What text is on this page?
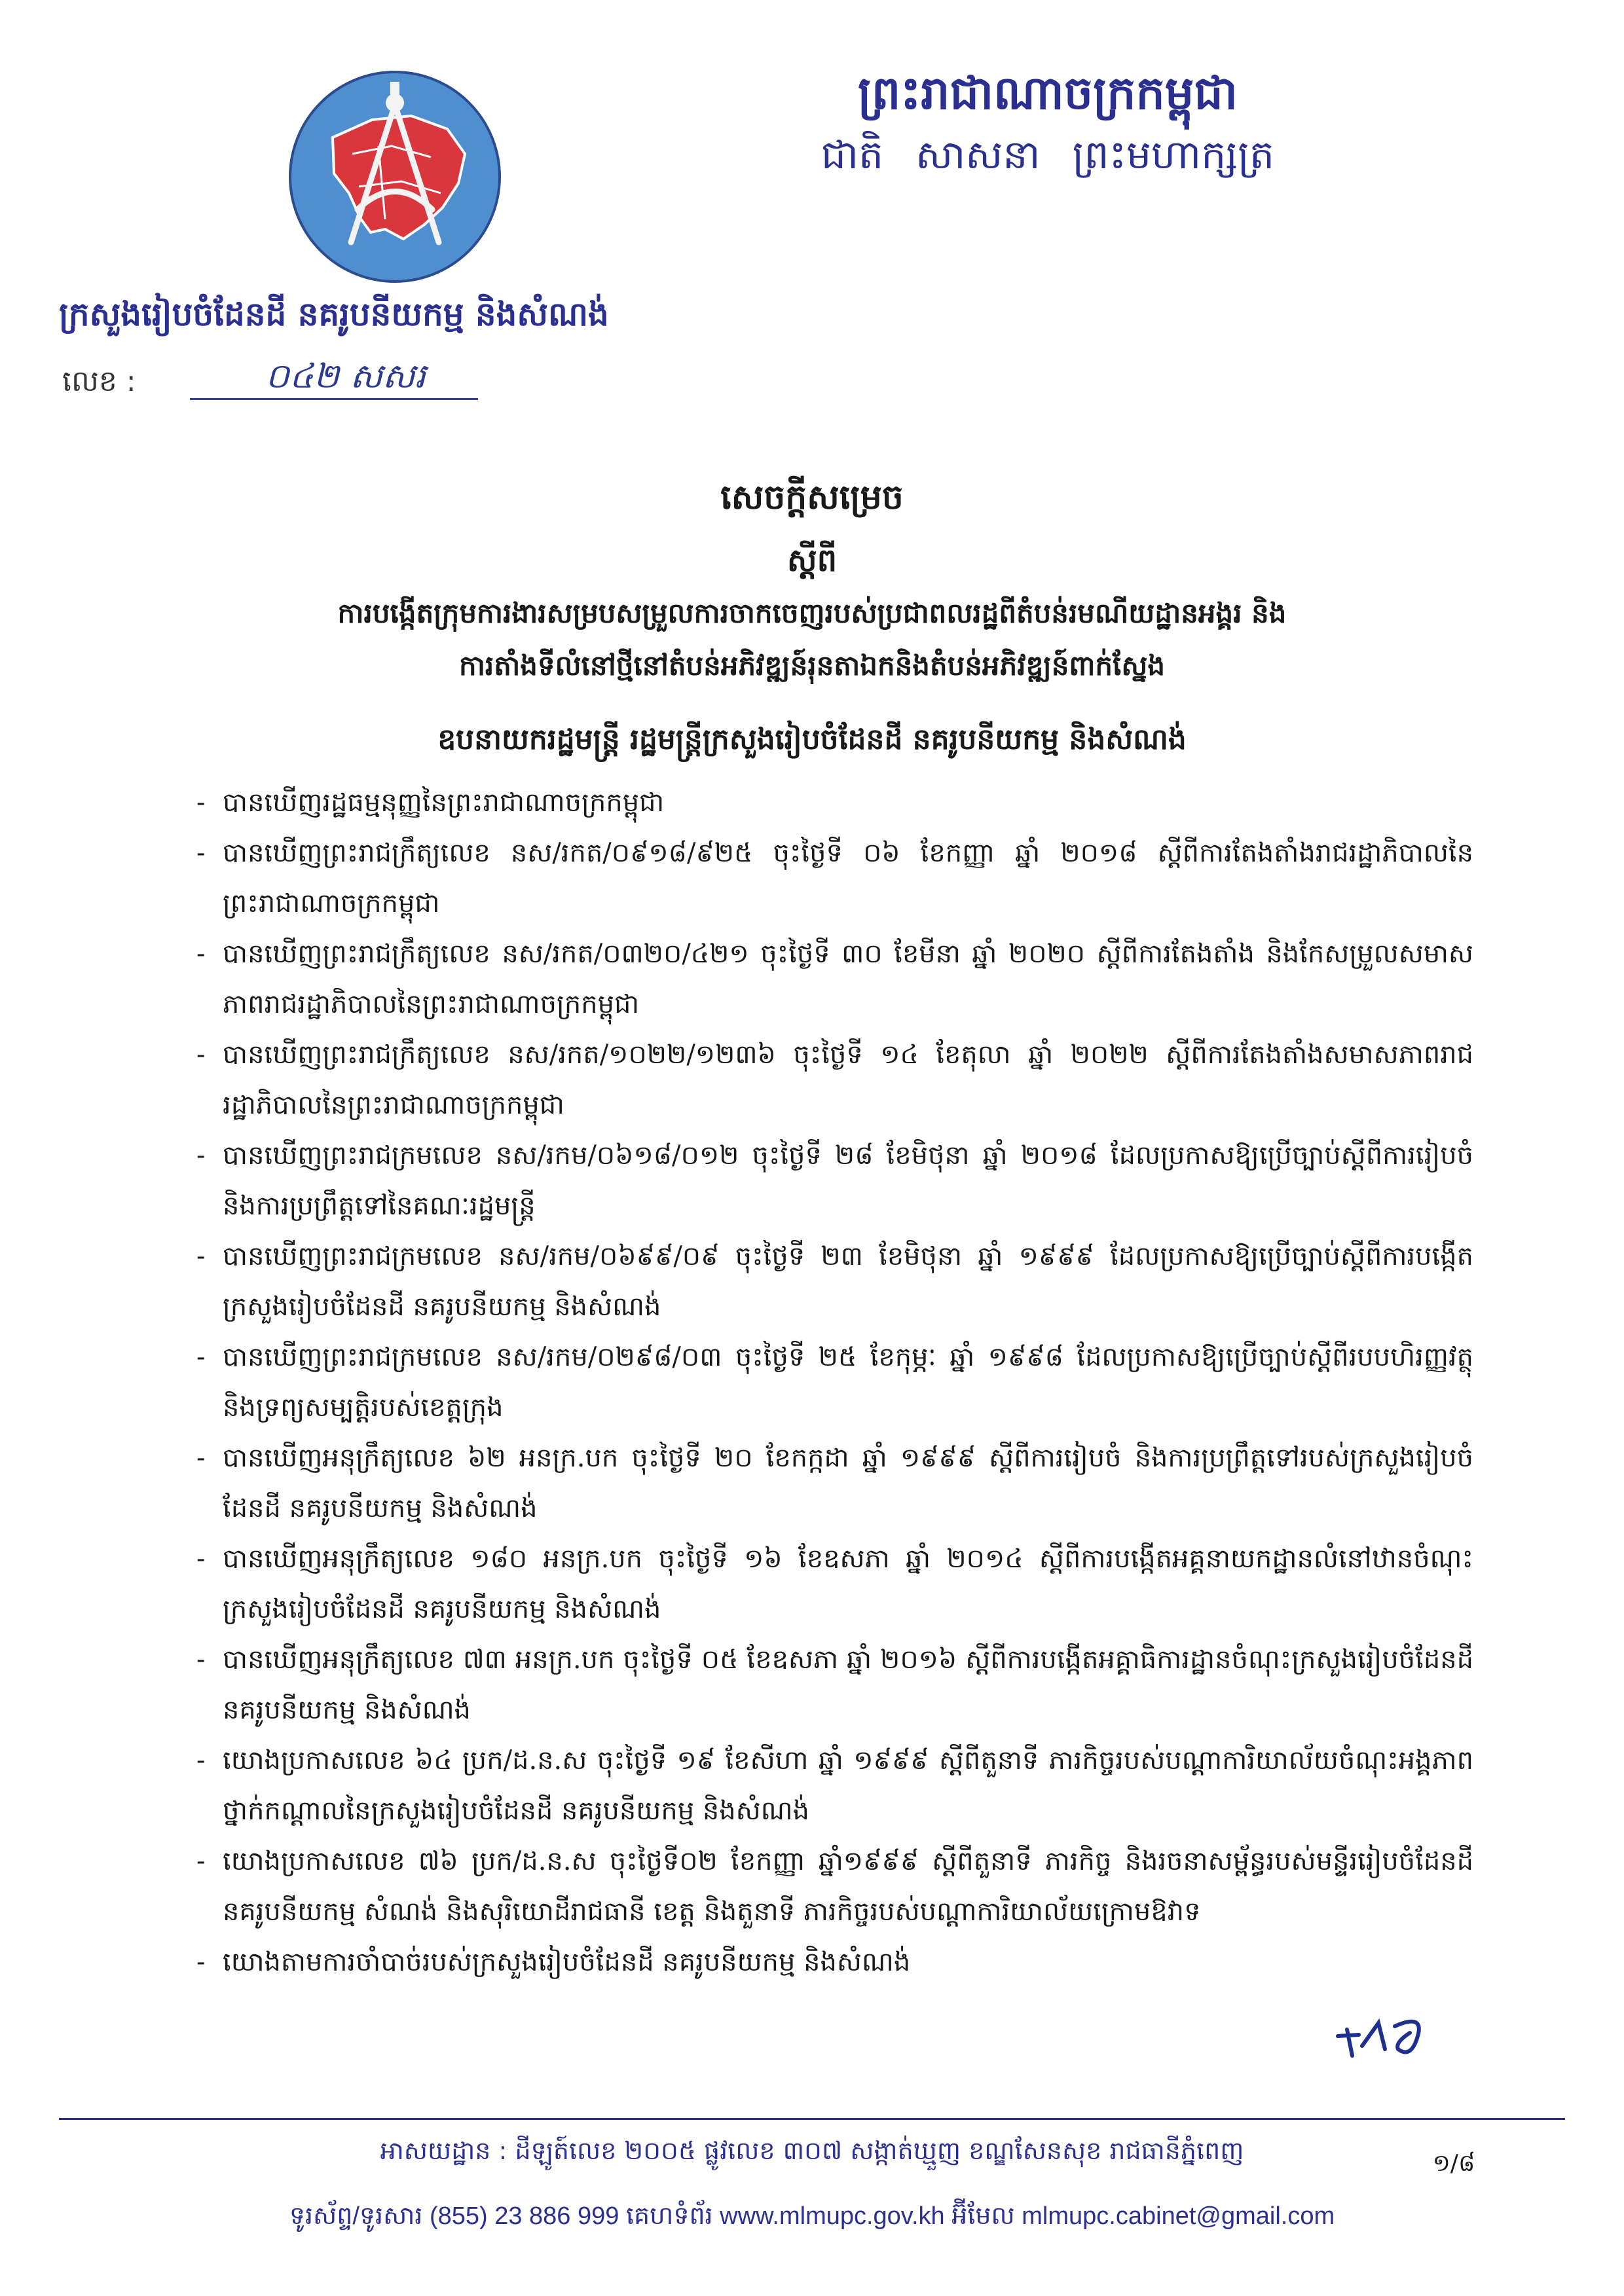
ព្រះរាជាណាចក្រកម្ពុជា
ជាតិ សាសនា ព្រះមហាក្សត្រ
ក្រសួងរៀបចំដែនដី នគរូបនីយកម្ម និងសំណង់
លេខ :	០៤២ សសរ
សេចក្ដីសម្រេច
ស្ដីពី
ការបង្កើតក្រុមការងារសម្របសម្រួលការចាកចេញរបស់ប្រជាពលរដ្ឋពីតំបន់រមណីយដ្ឋានអង្គរ និង
ការតាំងទីលំនៅថ្មីនៅតំបន់អភិវឌ្ឍន៍រុនតាឯកនិងតំបន់អភិវឌ្ឍន៍ពាក់ស្នែង
ឧបនាយករដ្ឋមន្ត្រី រដ្ឋមន្ត្រីក្រសួងរៀបចំដែនដី នគរូបនីយកម្ម និងសំណង់
- បានឃើញរដ្ឋធម្មនុញ្ញនៃព្រះរាជាណាចក្រកម្ពុជា
- បានឃើញព្រះរាជក្រឹត្យលេខ នស/រកត/០៩១៨/៩២៥ ចុះថ្ងៃទី ០៦ ខែកញ្ញា ឆ្នាំ ២០១៨ ស្ដីពីការតែងតាំងរាជរដ្ឋាភិបាលនៃព្រះរាជាណាចក្រកម្ពុជា
- បានឃើញព្រះរាជក្រឹត្យលេខ នស/រកត/០៣២០/៤២១ ចុះថ្ងៃទី ៣០ ខែមីនា ឆ្នាំ ២០២០ ស្ដីពីការតែងតាំង និងកែសម្រួលសមាសភាពរាជរដ្ឋាភិបាលនៃព្រះរាជាណាចក្រកម្ពុជា
- បានឃើញព្រះរាជក្រឹត្យលេខ នស/រកត/១០២២/១២៣៦ ចុះថ្ងៃទី ១៤ ខែតុលា ឆ្នាំ ២០២២ ស្ដីពីការតែងតាំងសមាសភាពរាជរដ្ឋាភិបាលនៃព្រះរាជាណាចក្រកម្ពុជា
- បានឃើញព្រះរាជក្រមលេខ នស/រកម/០៦១៨/០១២ ចុះថ្ងៃទី ២៨ ខែមិថុនា ឆ្នាំ ២០១៨ ដែលប្រកាសឱ្យប្រើច្បាប់ស្ដីពីការរៀបចំ និងការប្រព្រឹត្តទៅនៃគណៈរដ្ឋមន្ត្រី
- បានឃើញព្រះរាជក្រមលេខ នស/រកម/០៦៩៩/០៩ ចុះថ្ងៃទី ២៣ ខែមិថុនា ឆ្នាំ ១៩៩៩ ដែលប្រកាសឱ្យប្រើច្បាប់ស្ដីពីការបង្កើតក្រសួងរៀបចំដែនដី នគរូបនីយកម្ម និងសំណង់
- បានឃើញព្រះរាជក្រមលេខ នស/រកម/០២៩៨/០៣ ចុះថ្ងៃទី ២៥ ខែកុម្ភៈ ឆ្នាំ ១៩៩៨ ដែលប្រកាសឱ្យប្រើច្បាប់ស្ដីពីរបបហិរញ្ញវត្ថុ និងទ្រព្យសម្បត្តិរបស់ខេត្តក្រុង
- បានឃើញអនុក្រឹត្យលេខ ៦២ អនក្រ.បក ចុះថ្ងៃទី ២០ ខែកក្កដា ឆ្នាំ ១៩៩៩ ស្ដីពីការរៀបចំ និងការប្រព្រឹត្តទៅរបស់ក្រសួងរៀបចំដែនដី នគរូបនីយកម្ម និងសំណង់
- បានឃើញអនុក្រឹត្យលេខ ១៨០ អនក្រ.បក ចុះថ្ងៃទី ១៦ ខែឧសភា ឆ្នាំ ២០១៤ ស្ដីពីការបង្កើតអគ្គនាយកដ្ឋានលំនៅឋានចំណុះក្រសួងរៀបចំដែនដី នគរូបនីយកម្ម និងសំណង់
- បានឃើញអនុក្រឹត្យលេខ ៧៣ អនក្រ.បក ចុះថ្ងៃទី ០៥ ខែឧសភា ឆ្នាំ ២០១៦ ស្ដីពីការបង្កើតអគ្គាធិការដ្ឋានចំណុះក្រសួងរៀបចំដែនដី នគរូបនីយកម្ម និងសំណង់
- យោងប្រកាសលេខ ៦៤ ប្រក/ដ.ន.ស ចុះថ្ងៃទី ១៩ ខែសីហា ឆ្នាំ ១៩៩៩ ស្ដីពីតួនាទី ភារកិច្ចរបស់បណ្ដាការិយាល័យចំណុះអង្គភាពថ្នាក់កណ្ដាលនៃក្រសួងរៀបចំដែនដី នគរូបនីយកម្ម និងសំណង់
- យោងប្រកាសលេខ ៧៦ ប្រក/ដ.ន.ស ចុះថ្ងៃទី០២ ខែកញ្ញា ឆ្នាំ១៩៩៩ ស្ដីពីតួនាទី ភារកិច្ច និងរចនាសម្ព័ន្ធរបស់មន្ទីររៀបចំដែនដី នគរូបនីយកម្ម សំណង់ និងសុរិយោដីរាជធានី ខេត្ត និងតួនាទី ភារកិច្ចរបស់បណ្ដាការិយាល័យក្រោមឱវាទ
- យោងតាមការចាំបាច់របស់ក្រសួងរៀបចំដែនដី នគរូបនីយកម្ម និងសំណង់
អាសយដ្ឋាន : ដីឡូត៍លេខ ២០០៥ ផ្លូវលេខ ៣០៧ សង្កាត់ឃ្មួញ ខណ្ឌសែនសុខ រាជធានីភ្នំពេញ	១/៨
ទូរស័ព្ទ/ទូរសារ (855) 23 886 999 គេហទំព័រ www.mlmupc.gov.kh អ៊ីមែល mlmupc.cabinet@gmail.com
